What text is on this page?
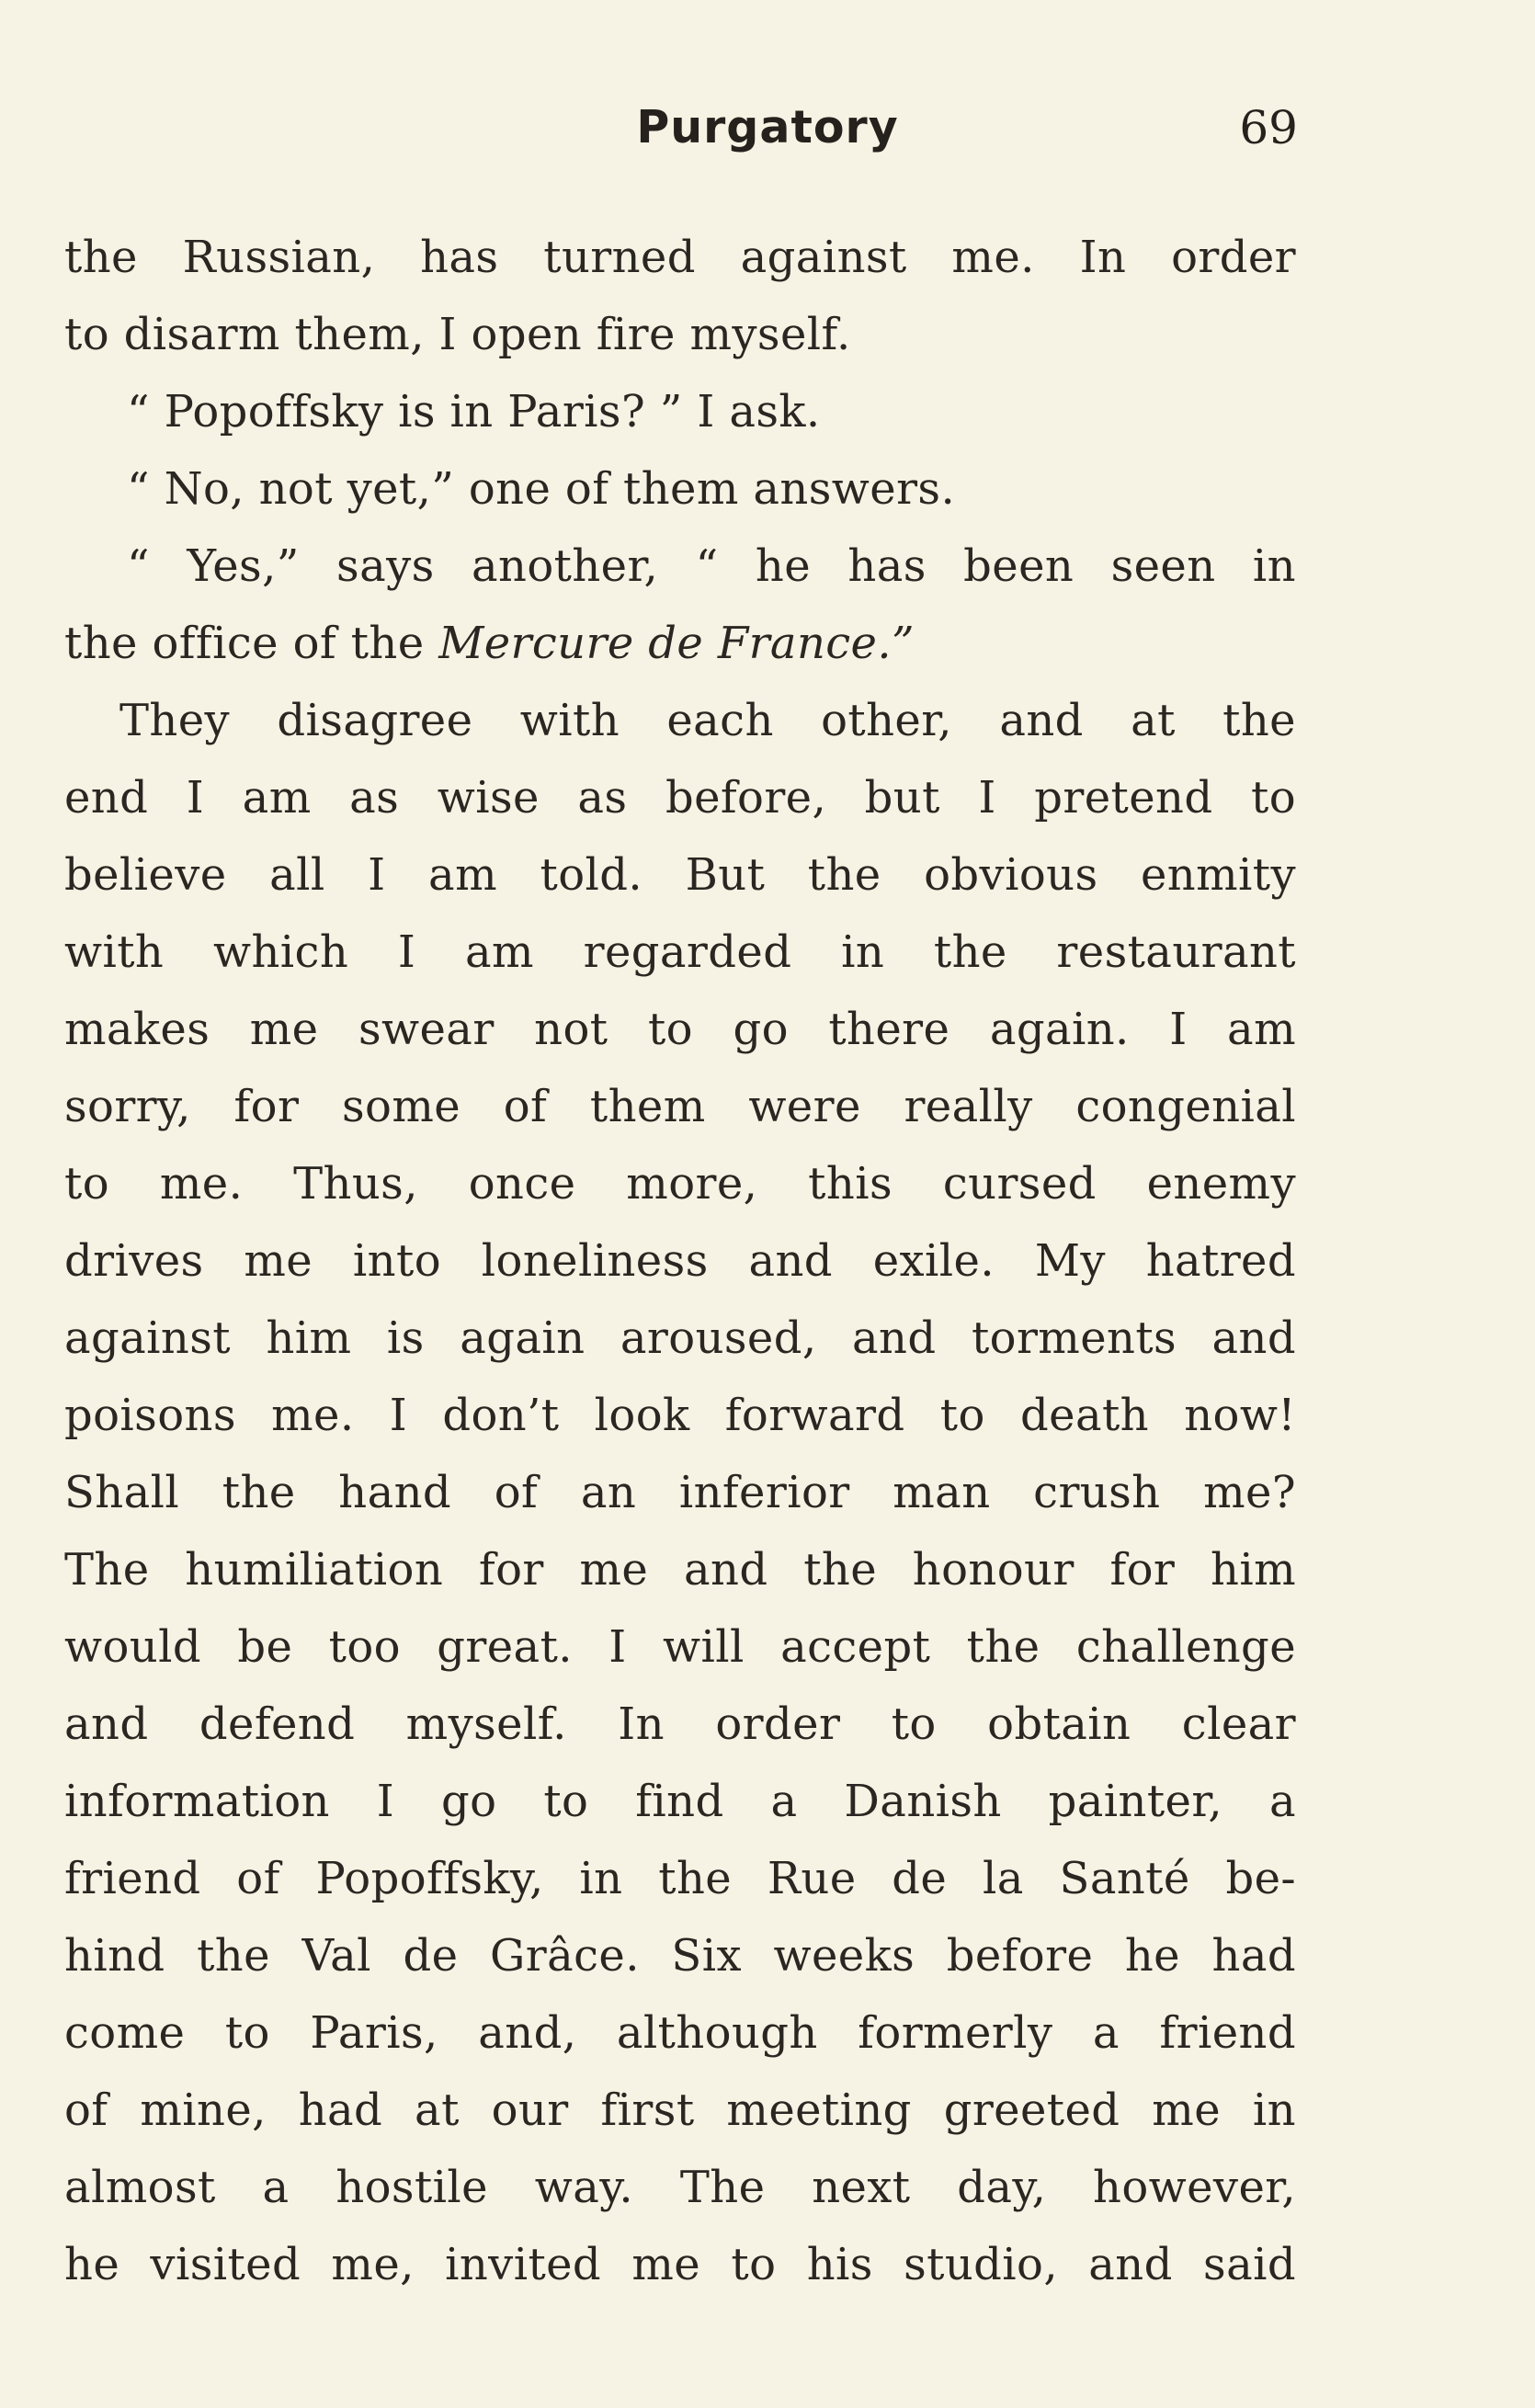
Purgatory	69
the Russian, has turned against me. In order
to disarm them, I open fire myself.
“ Popoffsky is in Paris? ” I ask.
“ No, not yet,” one of them answers.
“ Yes,” says another, “ he has been seen in
the office of the Mercure de France.”
They disagree with each other, and at the
end I am as wise as before, but I pretend to
believe all I am told. But the obvious enmity
with which I am regarded in the restaurant
makes me swear not to go there again. I am
sorry, for some of them were really congenial
to me. Thus, once more, this cursed enemy
drives me into loneliness and exile. My hatred
against him is again aroused, and torments and
poisons me. I don’t look forward to death now!
Shall the hand of an inferior man crush me?
The humiliation for me and the honour for him
would be too great. I will accept the challenge
and defend myself. In order to obtain clear
information I go to find a Danish painter, a
friend of Popoffsky, in the Rue de la Santé be-
hind the Val de Grâce. Six weeks before he had
come to Paris, and, although formerly a friend
of mine, had at our first meeting greeted me in
almost a hostile way. The next day, however,
he visited me, invited me to his studio, and said
